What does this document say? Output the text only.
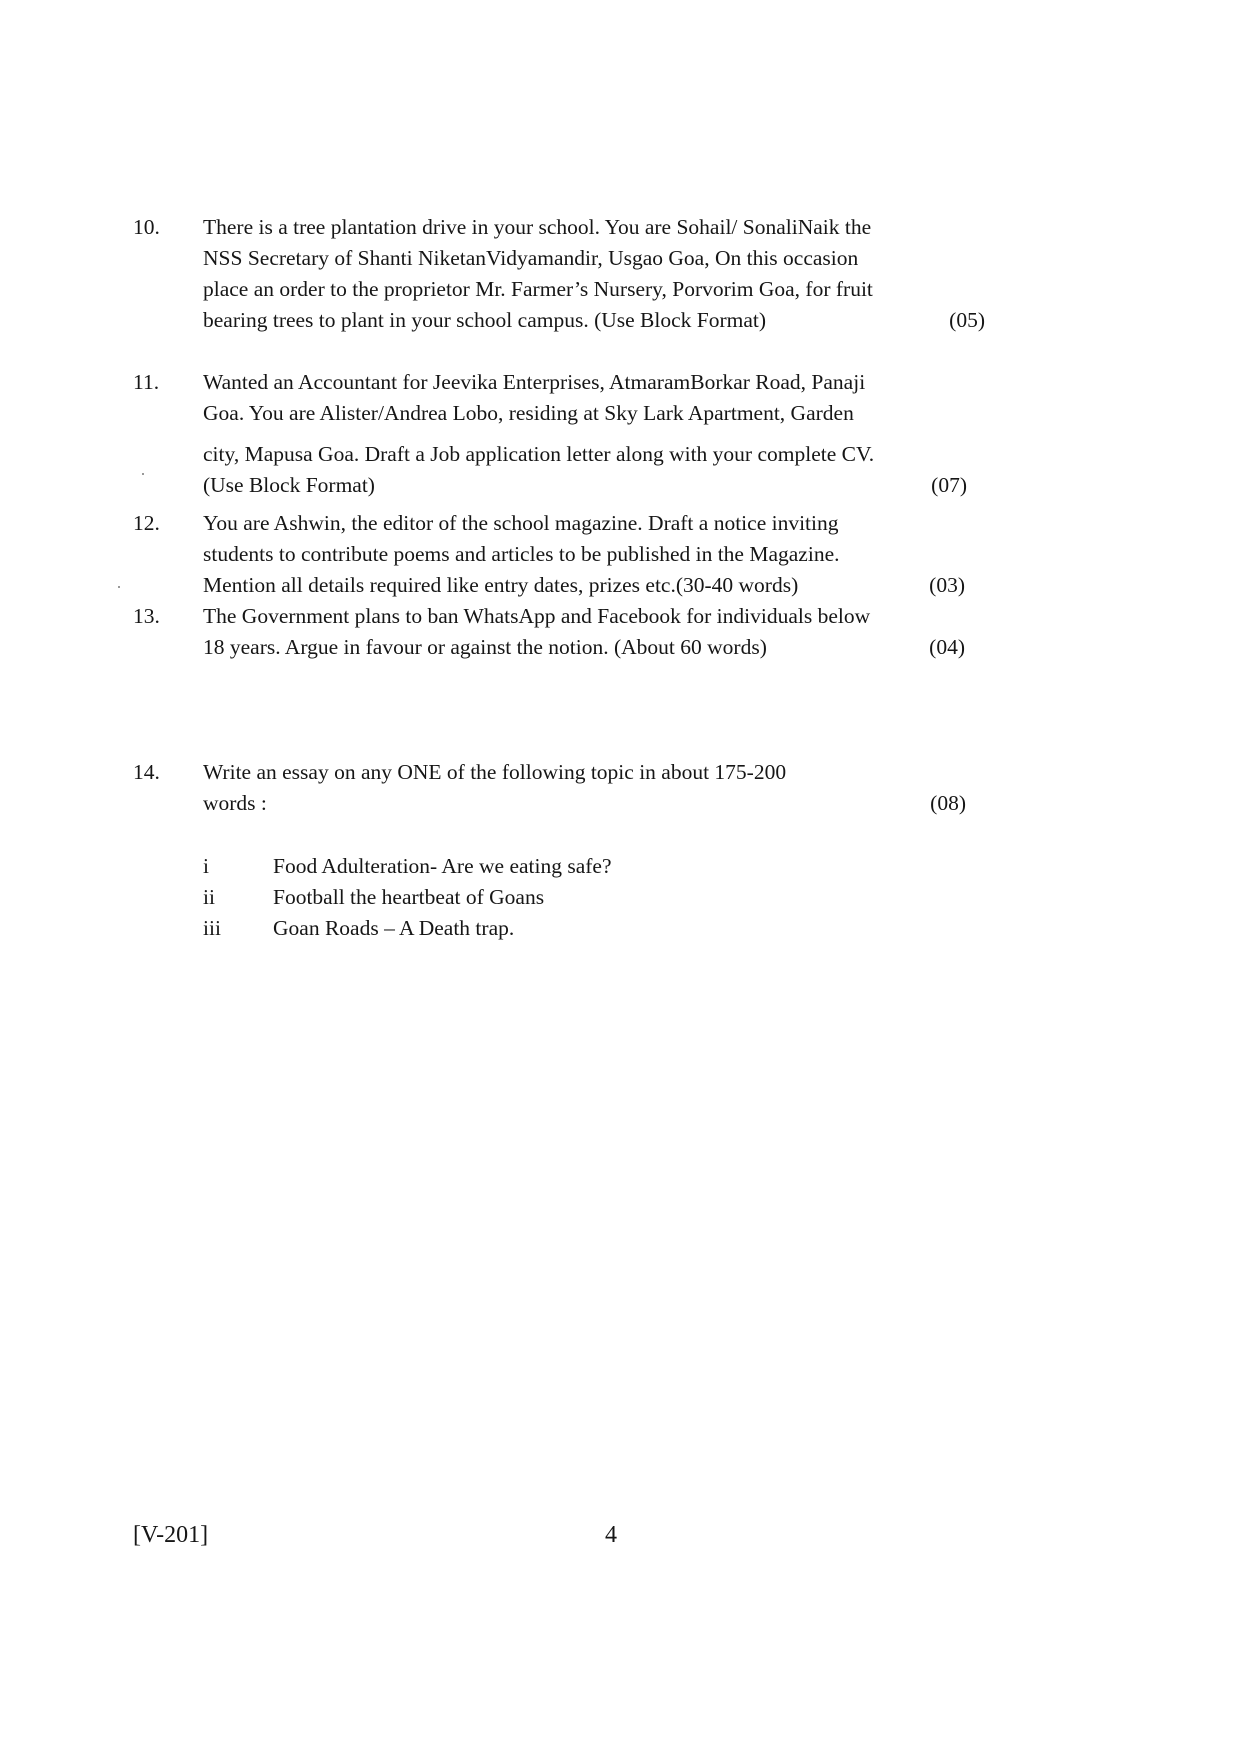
10.	There is a tree plantation drive in your school. You are Sohail/ SonaliNaik the
NSS Secretary of Shanti NiketanVidyamandir, Usgao Goa, On this occasion
place an order to the proprietor Mr. Farmer’s Nursery, Porvorim Goa, for fruit
bearing trees to plant in your school campus. (Use Block Format)	(05)
11.	Wanted an Accountant for Jeevika Enterprises, AtmaramBorkar Road, Panaji
Goa. You are Alister/Andrea Lobo, residing at Sky Lark Apartment, Garden
city, Mapusa Goa. Draft a Job application letter along with your complete CV.
(Use Block Format)	(07)
12.	You are Ashwin, the editor of the school magazine. Draft a notice inviting
students to contribute poems and articles to be published in the Magazine.
Mention all details required like entry dates, prizes etc.(30-40 words)	(03)
13.	The Government plans to ban WhatsApp and Facebook for individuals below
18 years. Argue in favour or against the notion. (About 60 words)	(04)
14.	Write an essay on any ONE of the following topic in about 175-200
words :	(08)
i	Food Adulteration- Are we eating safe?
ii	Football the heartbeat of Goans
iii Goan Roads – A Death trap.
[V-201]	4
